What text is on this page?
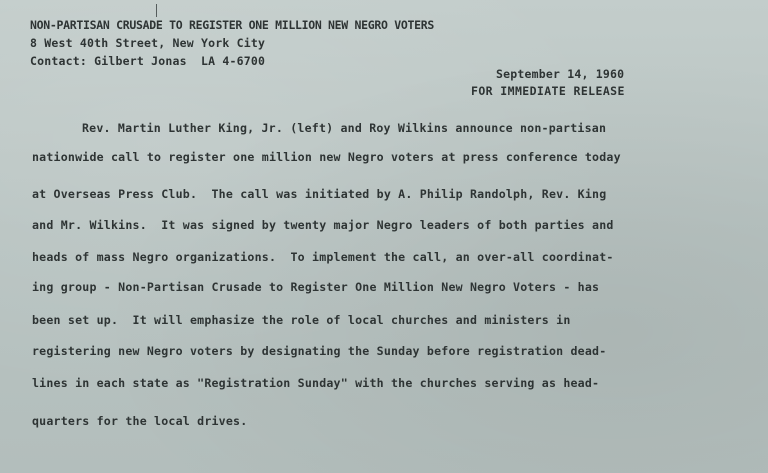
NON-PARTISAN CRUSADE TO REGISTER ONE MILLION NEW NEGRO VOTERS
8 West 40th Street, New York City
Contact: Gilbert Jonas  LA 4-6700
September 14, 1960
FOR IMMEDIATE RELEASE
Rev. Martin Luther King, Jr. (left) and Roy Wilkins announce non-partisan
nationwide call to register one million new Negro voters at press conference today
at Overseas Press Club.  The call was initiated by A. Philip Randolph, Rev. King
and Mr. Wilkins.  It was signed by twenty major Negro leaders of both parties and
heads of mass Negro organizations.  To implement the call, an over-all coordinat-
ing group - Non-Partisan Crusade to Register One Million New Negro Voters - has
been set up.  It will emphasize the role of local churches and ministers in
registering new Negro voters by designating the Sunday before registration dead-
lines in each state as "Registration Sunday" with the churches serving as head-
quarters for the local drives.
